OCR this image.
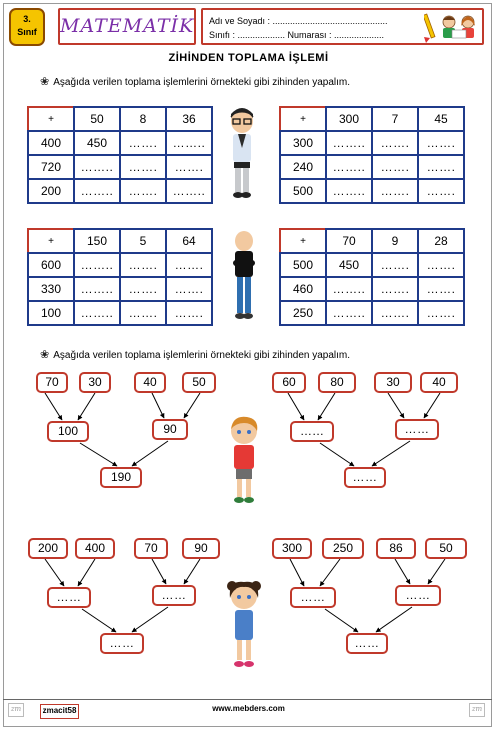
3.
Sınıf	MATEMATİK Adı ve Soyadı : ..............................................
Sınıfı : ................... Numarası : ....................
ZİHİNDEN TOPLAMA İŞLEMİ
❀ Aşağıda verilen toplama işlemlerini örnekteki gibi zihinden yapalım.
+	50	8	36
400	450	…….	……..
720	……..	…….	…….
200	……..	…….	……..
+	300	7	45
300	……..	…….	…….
240	……..	…….	…….
500	……..	…….	…….
+	150	5	64
600	……..	…….	…….
330	……..	…….	…….
100	……..	…….	…….
+	70	9	28
500	450	…….	…….
460	……..	…….	…….
250	……..	…….	…….
❀ Aşağıda verilen toplama işlemlerini örnekteki gibi zihinden yapalım.
70	30	40	50
100	90
190
60	80	30	40
…...	……
……
200	400	70	90
……	……
……
300	250	86	50
……	……
……
zm	zmacit58	www.mebders.com	zm
